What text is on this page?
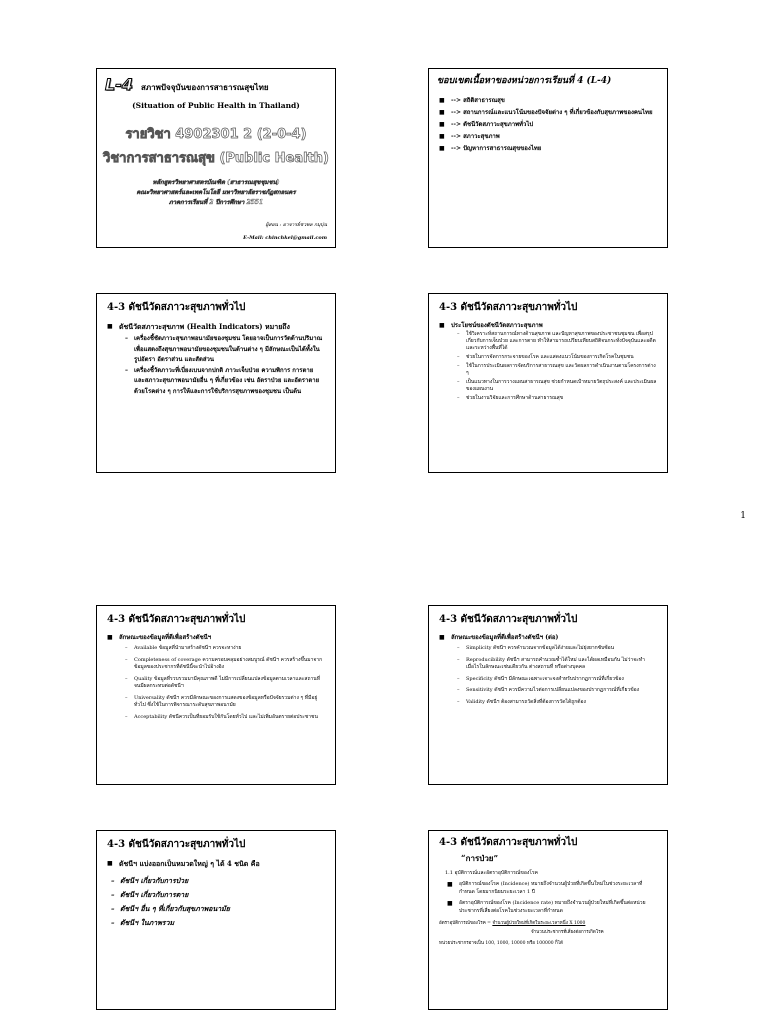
L-4 สภาพปัจจุบันของการสาธารณสุขไทย
(Situation of Public Health in Thailand)
รายวิชา 4902301 2 (2-0-4)
วิชาการสาธารณสุข (Public Health)
หลักสูตรวิทยาศาสตรบัณฑิต (สาธารณสุขชุมชน)
คณะวิทยาศาสตร์และเทคโนโลยี มหาวิทยาลัยราชภัฏสกลนคร
ภาคการเรียนที่ 2 ปีการศึกษา 2551
ผู้สอน : อาจารย์ชวพล กมุบุ่น
E-Mail: chinchkel@gmail.com
ขอบเขตเนื้อหาของหน่วยการเรียนที่ 4 (L-4)
■ --> สถิติสาธารณสุข
■ --> สถานการณ์และแนวโน้มของปัจจัยต่าง ๆ ที่เกี่ยวข้องกับสุขภาพของคนไทย
■ --> ดัชนีวัดสภาวะสุขภาพทั่วไป
■ --> สภาวะสุขภาพ
■ --> ปัญหาการสาธารณสุขของไทย
4-3 ดัชนีวัดสภาวะสุขภาพทั่วไป
■ ดัชนีวัดสภาวะสุขภาพ (Health Indicators) หมายถึง
– เครื่องชี้ชัดภาวะสุขภาพอนามัยของชุมชน โดยอาจเป็นการวัดด้านปริมาณเพื่อแสดงถึงสุขภาพอนามัยของชุมชนในด้านต่าง ๆ มีลักษณะเป็นได้ทั้งในรูปอัตรา อัตราส่วน และสัดส่วน
– เครื่องชี้วัดภาวะที่เบี่ยงเบนจากปกติ ภาวะเจ็บป่วย ความพิการ การตาย และสภาวะสุขภาพอนามัยอื่น ๆ ที่เกี่ยวข้อง เช่น อัตราป่วย และอัตราตายด้วยโรคต่าง ๆ การให้และการใช้บริการสุขภาพของชุมชน เป็นต้น
4-3 ดัชนีวัดสภาวะสุขภาพทั่วไป
■ ประโยชน์ของดัชนีวัดสภาวะสุขภาพ
– ใช้วิเคราะห์สถานการณ์ทางด้านสุขภาพ และปัญหาสุขภาพของประชาชนชุมชน เพื่อสรุปเกี่ยวกับการเจ็บป่วย และการตาย ทำให้สามารถเปรียบเทียบสถิติจนกระทั่งปัจจุบันและอดีต และระหว่างพื้นที่ได้
– ช่วยในการจัดการกระจายของโรค และแสดงแนวโน้มของการเกิดโรคในชุมชน
– ใช้ในการประเมินผลการจัดบริการสาธารณสุข และวัดผลการดำเนินงานตามโครงการต่าง ๆ
– เป็นแนวทางในการวางแผนสาธารณสุข ช่วยกำหนดเป้าหมายวัตถุประสงค์ และประเมินผลของแผนงาน
– ช่วยในงานวิจัยและการศึกษาด้านสาธารณสุข
1
4-3 ดัชนีวัดสภาวะสุขภาพทั่วไป
■ ลักษณะของข้อมูลที่ดีเพื่อสร้างดัชนีฯ
– Available ข้อมูลที่นำมาสร้างดัชนีฯ ควรจะหาง่าย
– Completeness of coverage ความครอบคลุมอย่างสมบูรณ์ ดัชนีฯ ควรสร้างขึ้นมาจากข้อมูลของประชากรที่ดัชนีนี้จะนำไปอ้างอิง
– Quality ข้อมูลที่รวบรวมมามีคุณภาพดี ไม่มีการเปลี่ยนแปลงข้อมูลตามเวลาและสถานที่จนมีผลกระทบต่อดัชนีฯ
– Universality ดัชนีฯ ควรมีลักษณะของการแสดงของข้อมูลหรือปัจจัยรวมต่าง ๆ ที่มีอยู่ทั่วไป ซึ่งใช้ในการพิจารณาระดับสุขภาพอนามัย
– Acceptability ดัชนีควรเป็นที่ยอมรับใช้กันโดยทั่วไป และไม่เพิ่มอันตรายต่อประชาชน
4-3 ดัชนีวัดสภาวะสุขภาพทั่วไป
■ ลักษณะของข้อมูลที่ดีเพื่อสร้างดัชนีฯ (ต่อ)
– Simplicity ดัชนีฯ ควรคำนวณจากข้อมูลได้ง่ายและไม่ยุ่งยากซับซ้อน
– Reproducibility ดัชนีฯ สามารถคำนวณซ้ำได้ใหม่ และได้ผลเหมือนกัน ไม่ว่าจะทำเมื่อไรในลักษณะเช่นเดียวกัน ต่างสถานที่ หรือต่างบุคคล
– Specificity ดัชนีฯ มีลักษณะเฉพาะเจาะจงสำหรับปรากฏการณ์ที่เกี่ยวข้อง
– Sensitivity ดัชนีฯ ควรมีความไวต่อการเปลี่ยนแปลงของปรากฏการณ์ที่เกี่ยวข้อง
– Validity ดัชนีฯ ต้องสามารถวัดสิ่งที่ต้องการวัดได้ถูกต้อง
4-3 ดัชนีวัดสภาวะสุขภาพทั่วไป
■ ดัชนีฯ แบ่งออกเป็นหมวดใหญ่ ๆ ได้ 4 ชนิด คือ
– ดัชนีฯ เกี่ยวกับการป่วย
– ดัชนีฯ เกี่ยวกับการตาย
– ดัชนีฯ อื่น ๆ ที่เกี่ยวกับสุขภาพอนามัย
– ดัชนีฯ ในภาพรวม
4-3 ดัชนีวัดสภาวะสุขภาพทั่วไป
“การป่วย”
1.1 อุบัติการณ์และอัตราอุบัติการณ์ของโรค
■ อุบัติการณ์ของโรค (Incidence) หมายถึงจำนวนผู้ป่วยที่เกิดขึ้นใหม่ในช่วงระยะเวลาที่กำหนด โดยมากนิยมระยะเวลา 1 ปี
■ อัตราอุบัติการณ์ของโรค (Incidence rate) หมายถึงจำนวนผู้ป่วยใหม่ที่เกิดขึ้นต่อหน่วยประชากรที่เสี่ยงต่อโรคในช่วงระยะเวลาที่กำหนด
อัตราอุบัติการณ์ของโรค = จำนวนผู้ป่วยใหม่ที่เกิดในระยะเวลาหนึ่ง X 1000
จำนวนประชากรที่เสี่ยงต่อการเกิดโรค
หน่วยประชากรอาจเป็น 100, 1000, 10000 หรือ 100000 ก็ได้
